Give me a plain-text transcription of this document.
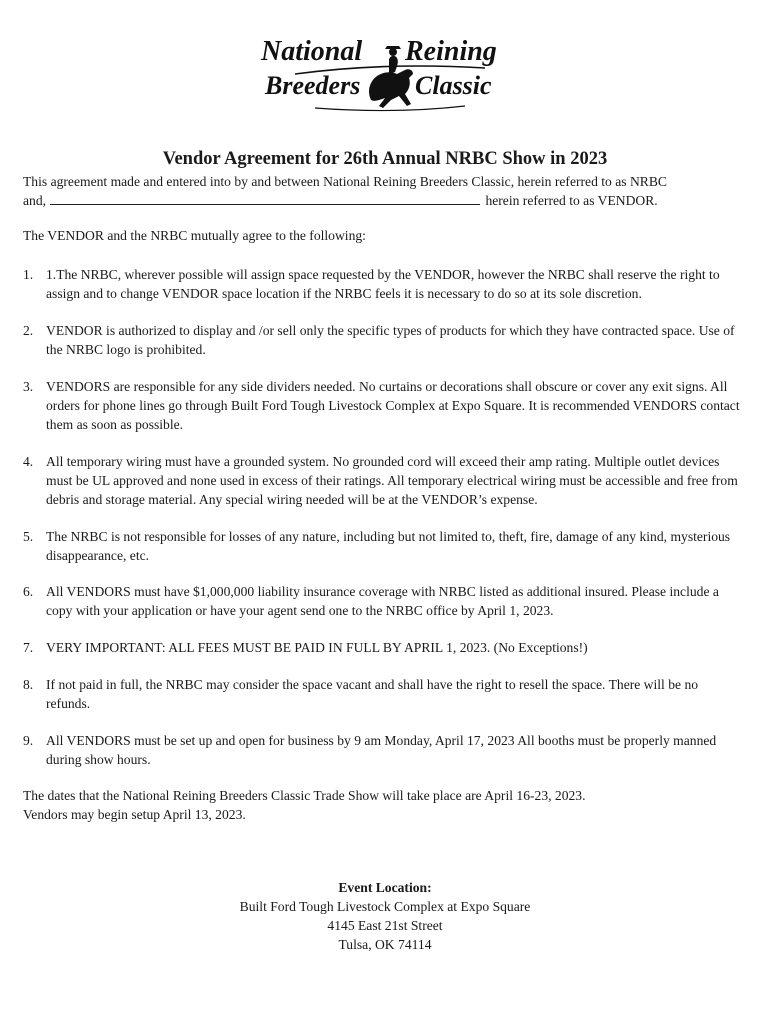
National Reining
Breeders Classic
Vendor Agreement for 26th Annual NRBC Show in 2023

This agreement made and entered into by and between National Reining Breeders Classic, herein referred to as NRBC
and,	herein referred to as VENDOR.

The VENDOR and the NRBC mutually agree to the following:

1. 1.The NRBC, wherever possible will assign space requested by the VENDOR, however the NRBC shall reserve the right to assign and to change VENDOR space location if the NRBC feels it is necessary to do so at its sole discretion.
2. VENDOR is authorized to display and /or sell only the specific types of products for which they have contracted space. Use of the NRBC logo is prohibited.
3. VENDORS are responsible for any side dividers needed. No curtains or decorations shall obscure or cover any exit signs. All orders for phone lines go through Built Ford Tough Livestock Complex at Expo Square. It is recommended VENDORS contact them as soon as possible.
4. All temporary wiring must have a grounded system. No grounded cord will exceed their amp rating. Multiple outlet devices must be UL approved and none used in excess of their ratings. All temporary electrical wiring must be accessible and free from debris and storage material. Any special wiring needed will be at the VENDOR’s expense.
5. The NRBC is not responsible for losses of any nature, including but not limited to, theft, fire, damage of any kind, mysterious disappearance, etc.
6. All VENDORS must have $1,000,000 liability insurance coverage with NRBC listed as additional insured. Please include a copy with your application or have your agent send one to the NRBC office by April 1, 2023.
7. VERY IMPORTANT: ALL FEES MUST BE PAID IN FULL BY APRIL 1, 2023. (No Exceptions!)
8. If not paid in full, the NRBC may consider the space vacant and shall have the right to resell the space. There will be no refunds.
9. All VENDORS must be set up and open for business by 9 am Monday, April 17, 2023 All booths must be properly manned during show hours.

The dates that the National Reining Breeders Classic Trade Show will take place are April 16-23, 2023.
Vendors may begin setup April 13, 2023.

Event Location:
Built Ford Tough Livestock Complex at Expo Square
4145 East 21st Street
Tulsa, OK 74114
